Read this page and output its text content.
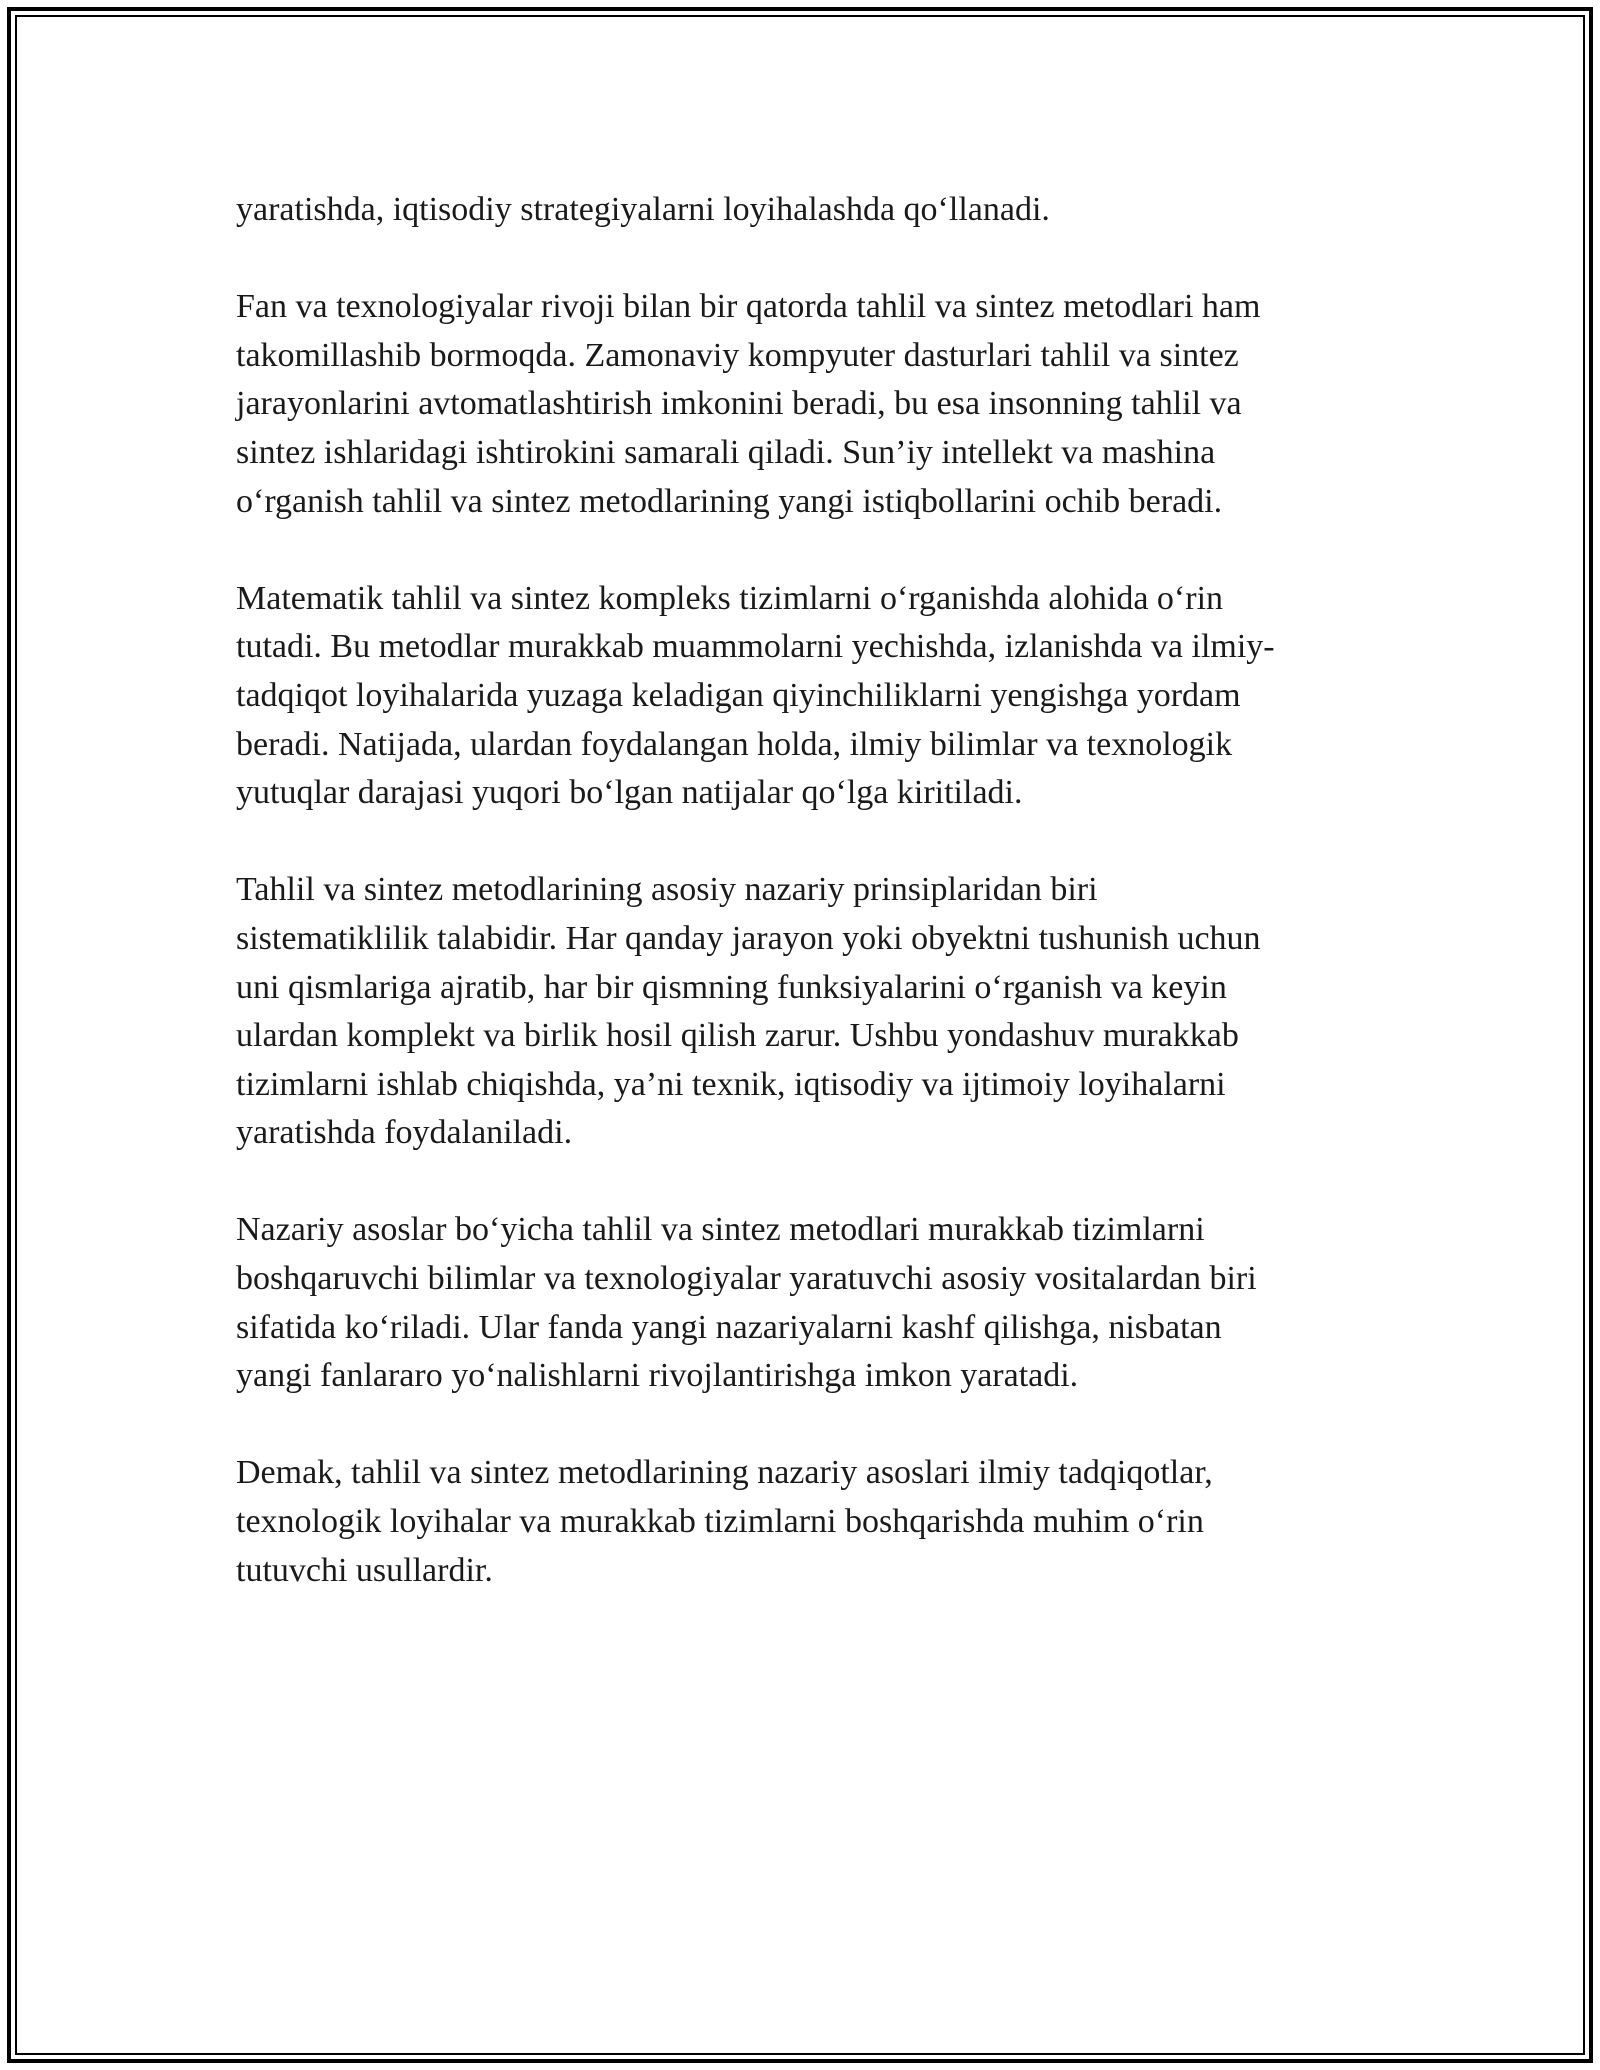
yaratishda, iqtisodiy strategiyalarni loyihalashda qo‘llanadi.

Fan va texnologiyalar rivoji bilan bir qatorda tahlil va sintez metodlari ham
takomillashib bormoqda. Zamonaviy kompyuter dasturlari tahlil va sintez
jarayonlarini avtomatlashtirish imkonini beradi, bu esa insonning tahlil va
sintez ishlaridagi ishtirokini samarali qiladi. Sun’iy intellekt va mashina
o‘rganish tahlil va sintez metodlarining yangi istiqbollarini ochib beradi.

Matematik tahlil va sintez kompleks tizimlarni o‘rganishda alohida o‘rin
tutadi. Bu metodlar murakkab muammolarni yechishda, izlanishda va ilmiy-
tadqiqot loyihalarida yuzaga keladigan qiyinchiliklarni yengishga yordam
beradi. Natijada, ulardan foydalangan holda, ilmiy bilimlar va texnologik
yutuqlar darajasi yuqori bo‘lgan natijalar qo‘lga kiritiladi.

Tahlil va sintez metodlarining asosiy nazariy prinsiplaridan biri
sistematiklilik talabidir. Har qanday jarayon yoki obyektni tushunish uchun
uni qismlariga ajratib, har bir qismning funksiyalarini o‘rganish va keyin
ulardan komplekt va birlik hosil qilish zarur. Ushbu yondashuv murakkab
tizimlarni ishlab chiqishda, ya’ni texnik, iqtisodiy va ijtimoiy loyihalarni
yaratishda foydalaniladi.

Nazariy asoslar bo‘yicha tahlil va sintez metodlari murakkab tizimlarni
boshqaruvchi bilimlar va texnologiyalar yaratuvchi asosiy vositalardan biri
sifatida ko‘riladi. Ular fanda yangi nazariyalarni kashf qilishga, nisbatan
yangi fanlararo yo‘nalishlarni rivojlantirishga imkon yaratadi.

Demak, tahlil va sintez metodlarining nazariy asoslari ilmiy tadqiqotlar,
texnologik loyihalar va murakkab tizimlarni boshqarishda muhim o‘rin
tutuvchi usullardir.
